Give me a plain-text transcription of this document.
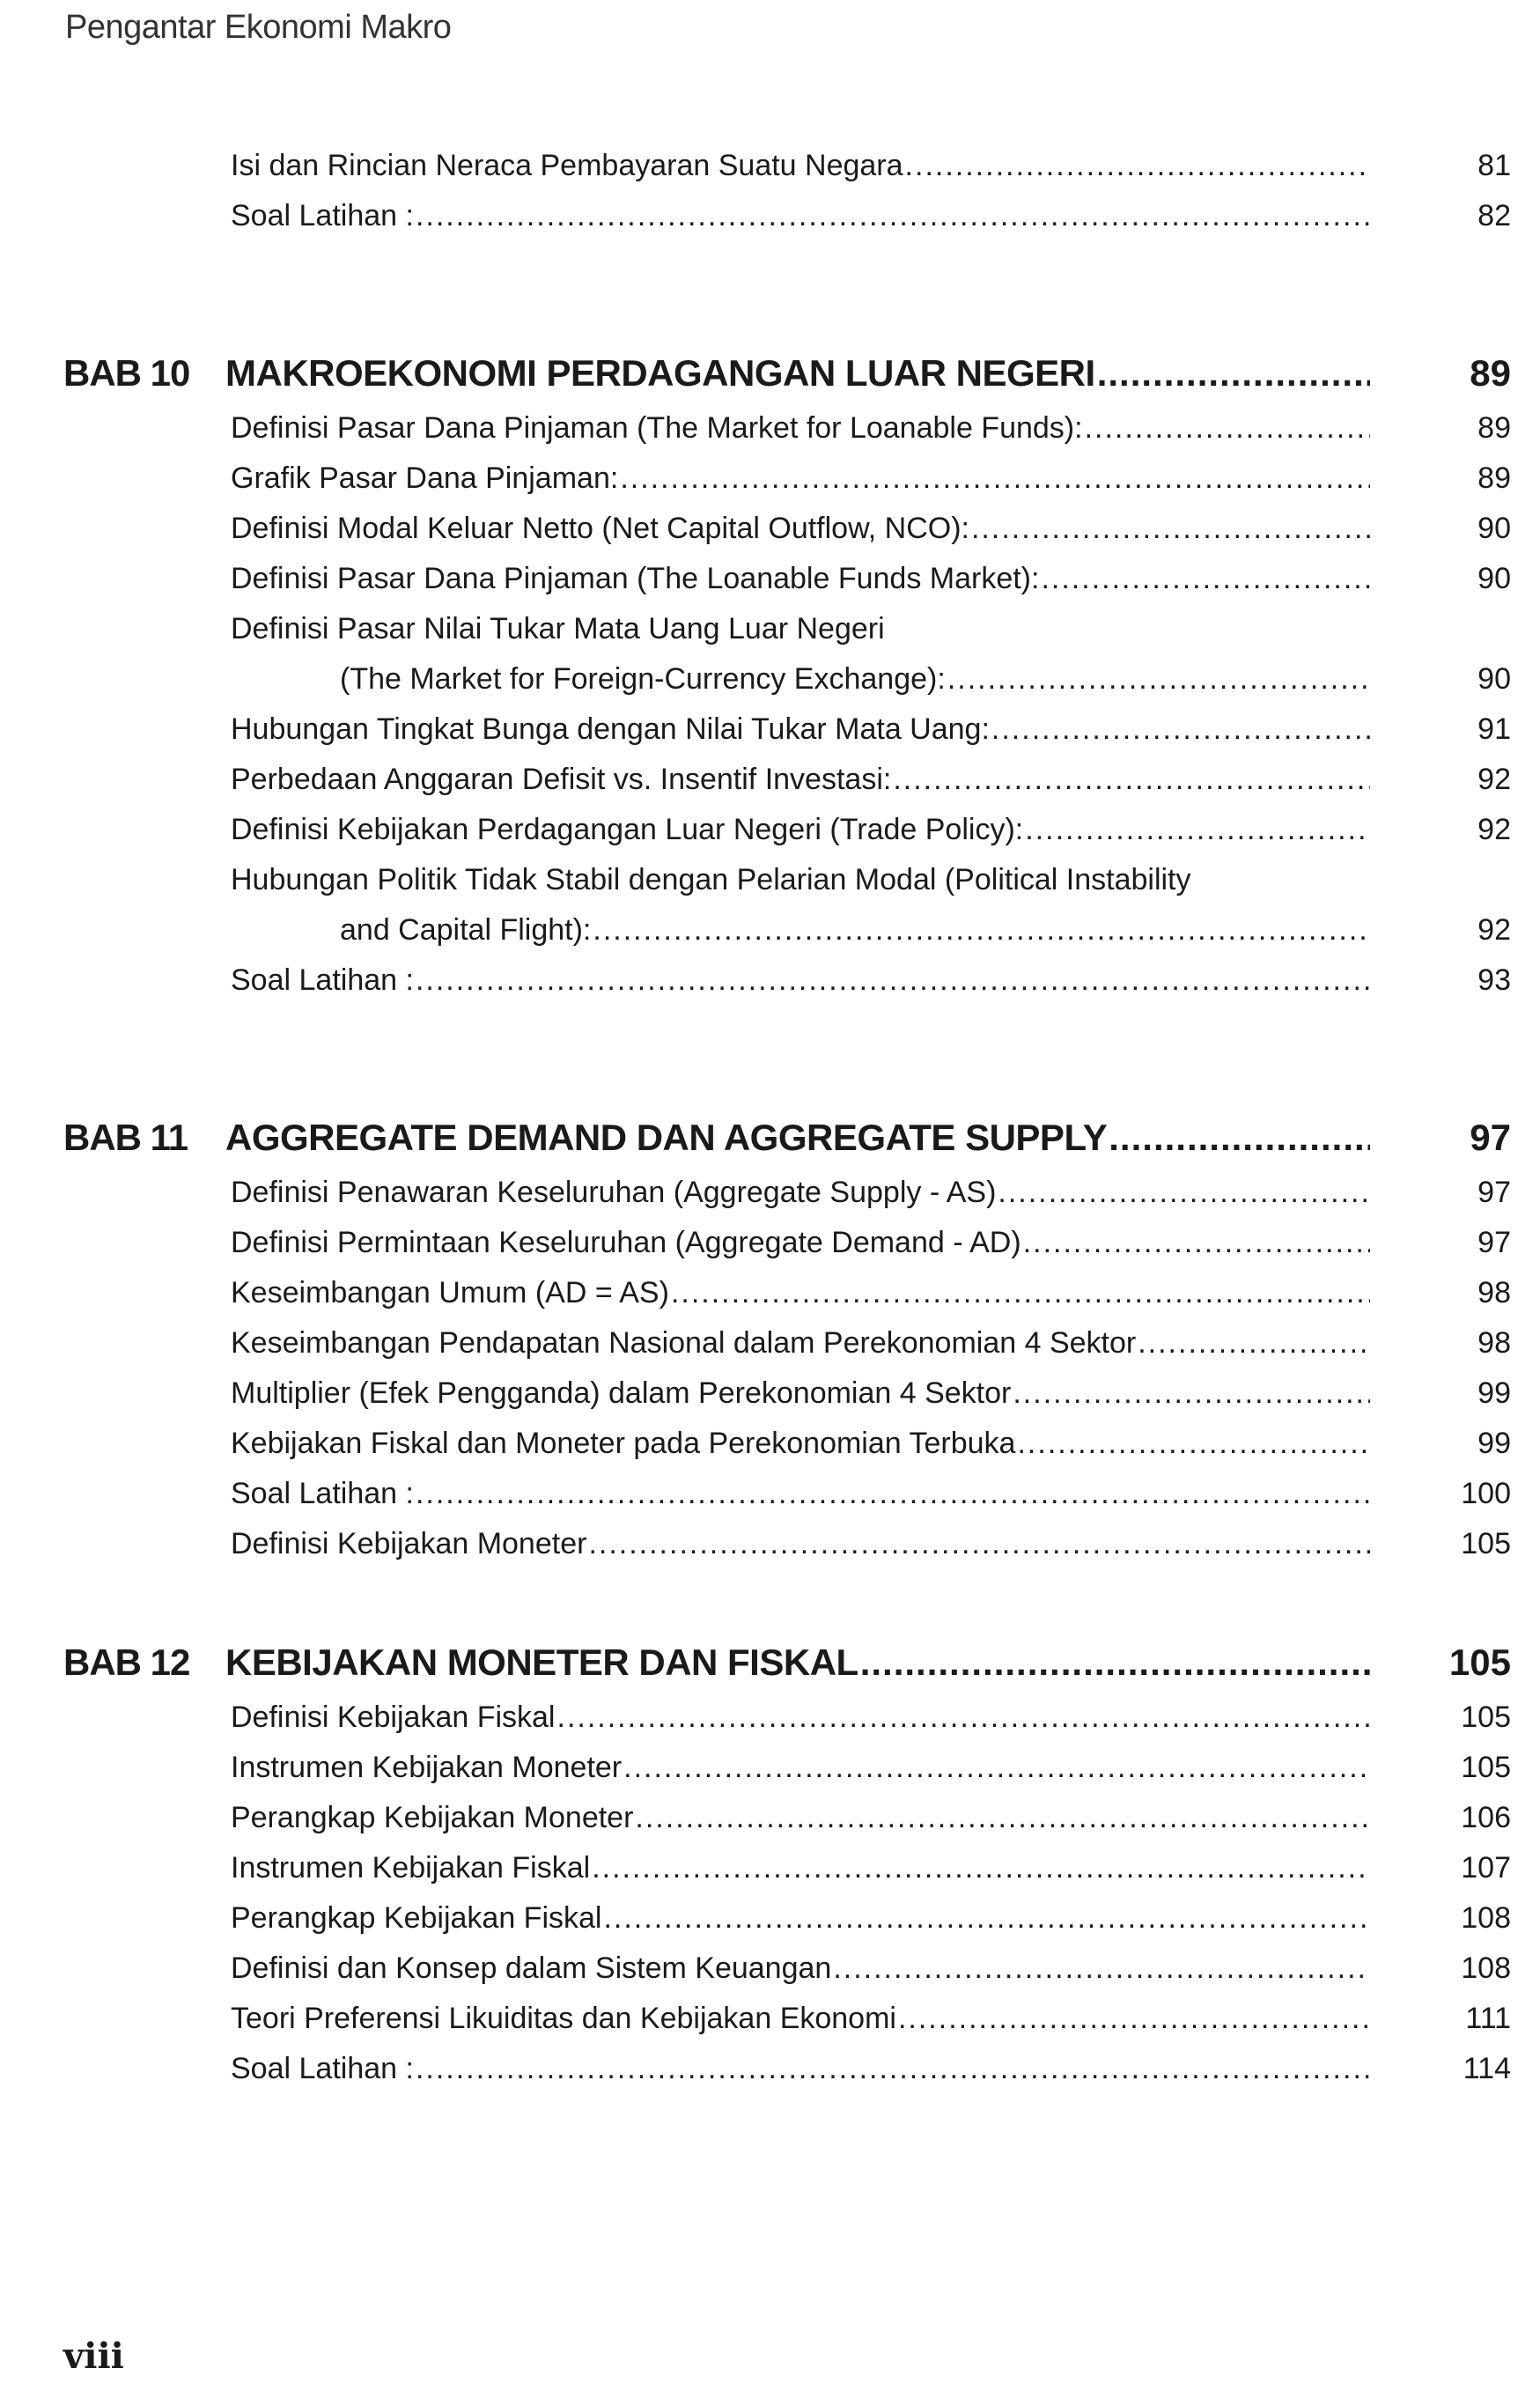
Pengantar Ekonomi Makro
Isi dan Rincian Neraca Pembayaran Suatu Negara .....	81
Soal Latihan : .....	82
BAB 10 MAKROEKONOMI PERDAGANGAN LUAR NEGERI .....	89
Definisi Pasar Dana Pinjaman (The Market for Loanable Funds): .....	89
Grafik Pasar Dana Pinjaman: .....	89
Definisi Modal Keluar Netto (Net Capital Outflow, NCO): .....	90
Definisi Pasar Dana Pinjaman (The Loanable Funds Market): .....	90
Definisi Pasar Nilai Tukar Mata Uang Luar Negeri
(The Market for Foreign-Currency Exchange): .....	90
Hubungan Tingkat Bunga dengan Nilai Tukar Mata Uang: .....	91
Perbedaan Anggaran Defisit vs. Insentif Investasi: .....	92
Definisi Kebijakan Perdagangan Luar Negeri (Trade Policy): .....	92
Hubungan Politik Tidak Stabil dengan Pelarian Modal (Political Instability
and Capital Flight): .....	92
Soal Latihan : .....	93
BAB 11 AGGREGATE DEMAND DAN AGGREGATE SUPPLY .....	97
Definisi Penawaran Keseluruhan (Aggregate Supply - AS) .....	97
Definisi Permintaan Keseluruhan (Aggregate Demand - AD) .....	97
Keseimbangan Umum (AD = AS) .....	98
Keseimbangan Pendapatan Nasional dalam Perekonomian 4 Sektor .....	98
Multiplier (Efek Pengganda) dalam Perekonomian 4 Sektor .....	99
Kebijakan Fiskal dan Moneter pada Perekonomian Terbuka .....	99
Soal Latihan : .....	100
Definisi Kebijakan Moneter .....	105
BAB 12 KEBIJAKAN MONETER DAN FISKAL .....	105
Definisi Kebijakan Fiskal .....	105
Instrumen Kebijakan Moneter .....	105
Perangkap Kebijakan Moneter .....	106
Instrumen Kebijakan Fiskal .....	107
Perangkap Kebijakan Fiskal .....	108
Definisi dan Konsep dalam Sistem Keuangan .....	108
Teori Preferensi Likuiditas dan Kebijakan Ekonomi .....	111
Soal Latihan : .....	114
viii
